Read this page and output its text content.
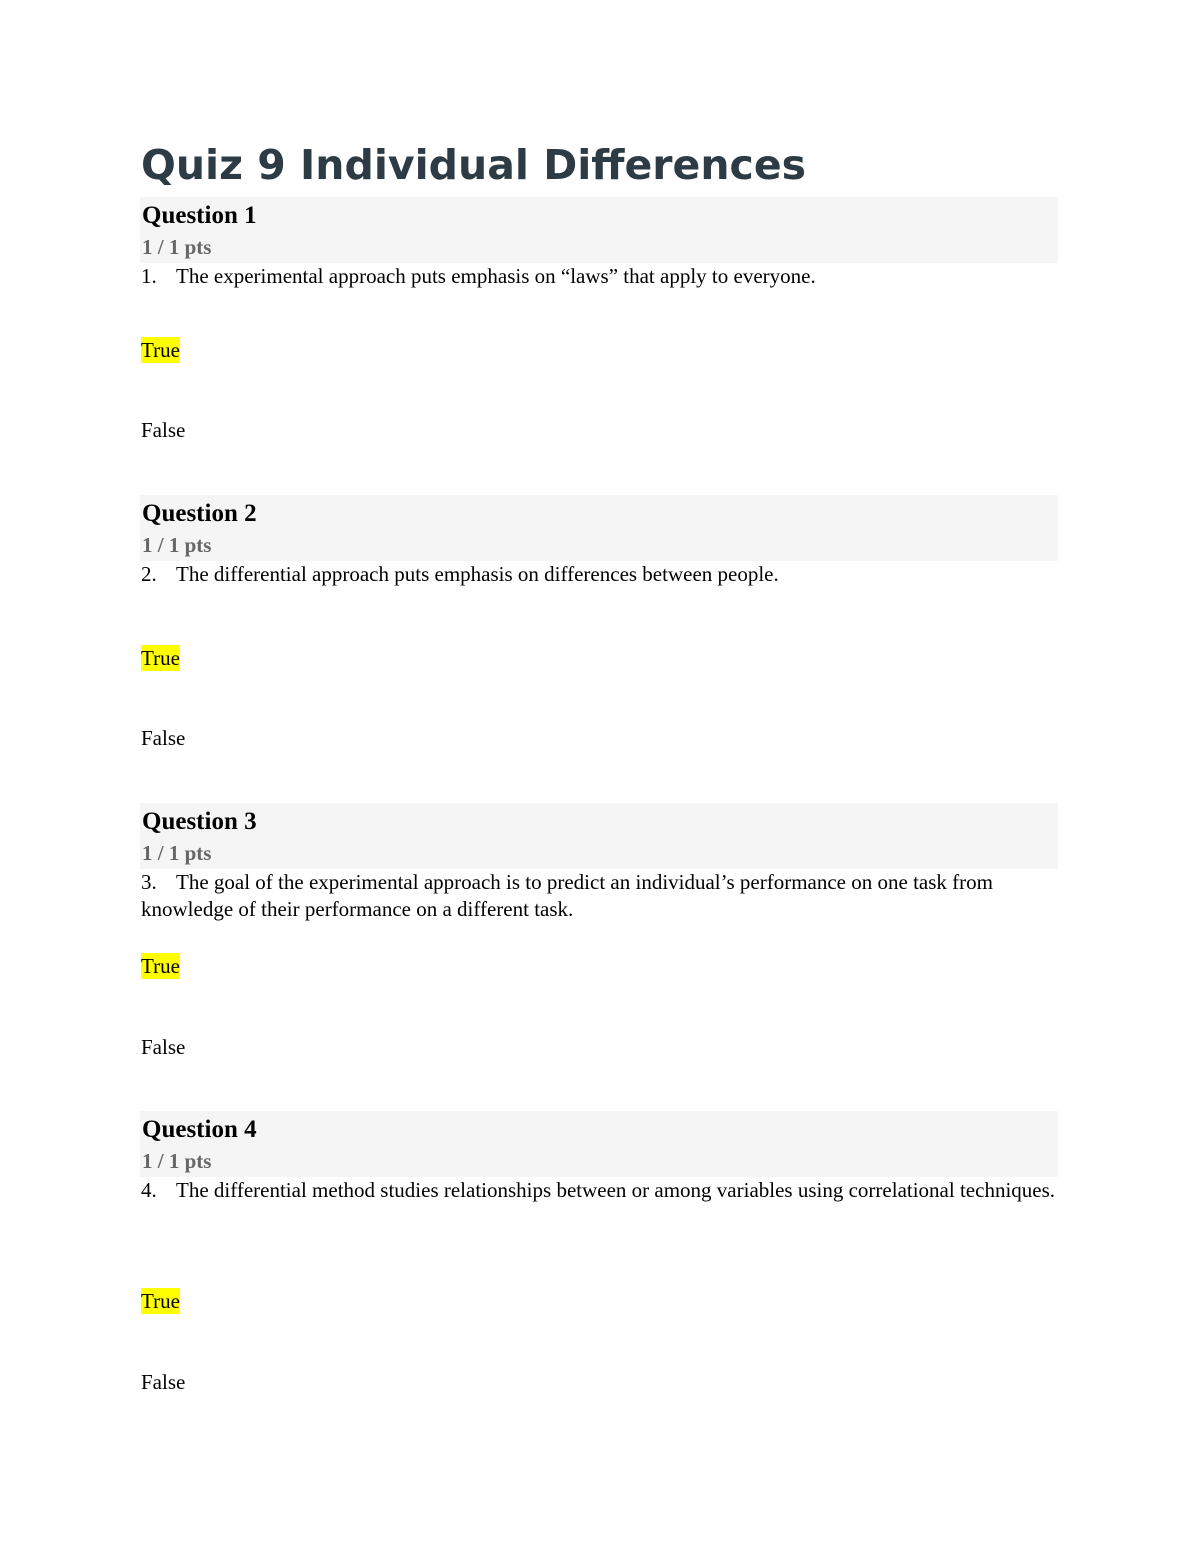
Quiz 9 Individual Differences
Question 1
1 / 1 pts
1. The experimental approach puts emphasis on “laws” that apply to everyone.
True
False
Question 2
1 / 1 pts
2. The differential approach puts emphasis on differences between people.
True
False
Question 3
1 / 1 pts
3. The goal of the experimental approach is to predict an individual’s performance on one task from knowledge of their performance on a different task.
True
False
Question 4
1 / 1 pts
4. The differential method studies relationships between or among variables using correlational techniques.
True
False
